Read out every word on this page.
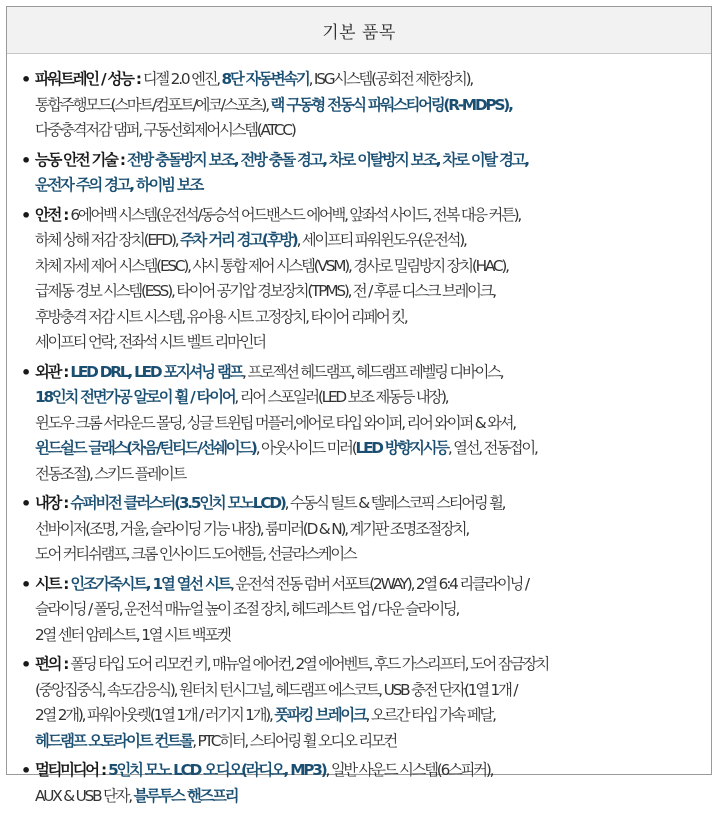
기본 품목
• 파워트레인 / 성능 : 디젤 2.0 엔진, 8단 자동변속기, ISG시스템(공회전 제한장치),
통합주행모드(스마트/컴포트/에코/스포츠), 랙 구동형 전동식 파워스티어링(R-MDPS),
다중충격저감 댐퍼, 구동선회제어시스템(ATCC)
• 능동 안전 기술 : 전방 충돌방지 보조, 전방 충돌 경고, 차로 이탈방지 보조, 차로 이탈 경고,
운전자 주의 경고, 하이빔 보조
• 안전 : 6에어백 시스템(운전석/동승석 어드밴스드 에어백, 앞좌석 사이드, 전복 대응 커튼),
하체 상해 저감 장치(EFD), 주차 거리 경고(후방), 세이프티 파워윈도우(운전석),
차체 자세 제어 시스템(ESC), 샤시 통합 제어 시스템(VSM), 경사로 밀림방지 장치(HAC),
급제동 경보 시스템(ESS), 타이어 공기압 경보장치(TPMS), 전 / 후륜 디스크 브레이크,
후방충격 저감 시트 시스템, 유아용 시트 고정장치, 타이어 리페어 킷,
세이프티 언락, 전좌석 시트 벨트 리마인더
• 외관 : LED DRL, LED 포지셔닝 램프, 프로젝션 헤드램프, 헤드램프 레벨링 디바이스,
18인치 전면가공 알로이 휠 / 타이어, 리어 스포일러(LED 보조 제동등 내장),
윈도우 크롬 서라운드 몰딩, 싱글 트윈팁 머플러,에어로 타입 와이퍼, 리어 와이퍼 & 와셔,
윈드쉴드 글래스(차음/틴티드/선쉐이드), 아웃사이드 미러(LED 방향지시등, 열선, 전동접이,
전동조절), 스키드 플레이트
• 내장 : 슈퍼비전 클러스터(3.5인치 모노LCD), 수동식 틸트 & 텔레스코픽 스티어링 휠,
선바이저(조명, 거울, 슬라이딩 기능 내장), 룸미러(D & N), 계기판 조명조절장치,
도어 커티쉬램프, 크롬 인사이드 도어핸들, 선글라스케이스
• 시트 : 인조가죽시트, 1열 열선 시트, 운전석 전동 럼버 서포트(2WAY), 2열 6:4 리클라이닝 /
슬라이딩 / 폴딩, 운전석 매뉴얼 높이 조절 장치, 헤드레스트 업 / 다운 슬라이딩,
2열 센터 암레스트, 1열 시트 백포켓
• 편의 : 폴딩 타입 도어 리모컨 키, 매뉴얼 에어컨, 2열 에어벤트, 후드 가스리프터, 도어 잠금장치
(중앙집중식, 속도감응식), 원터치 턴시그널, 헤드램프 에스코트, USB 충전 단자(1열 1개 /
2열 2개), 파워아웃렛(1열 1개 / 러기지 1개), 풋파킹 브레이크, 오르간 타입 가속 페달,
헤드램프 오토라이트 컨트롤, PTC히터, 스티어링 휠 오디오 리모컨
• 멀티미디어 : 5인치 모노 LCD 오디오(라디오, MP3), 일반 사운드 시스템(6스피커),
AUX & USB 단자, 블루투스 핸즈프리
